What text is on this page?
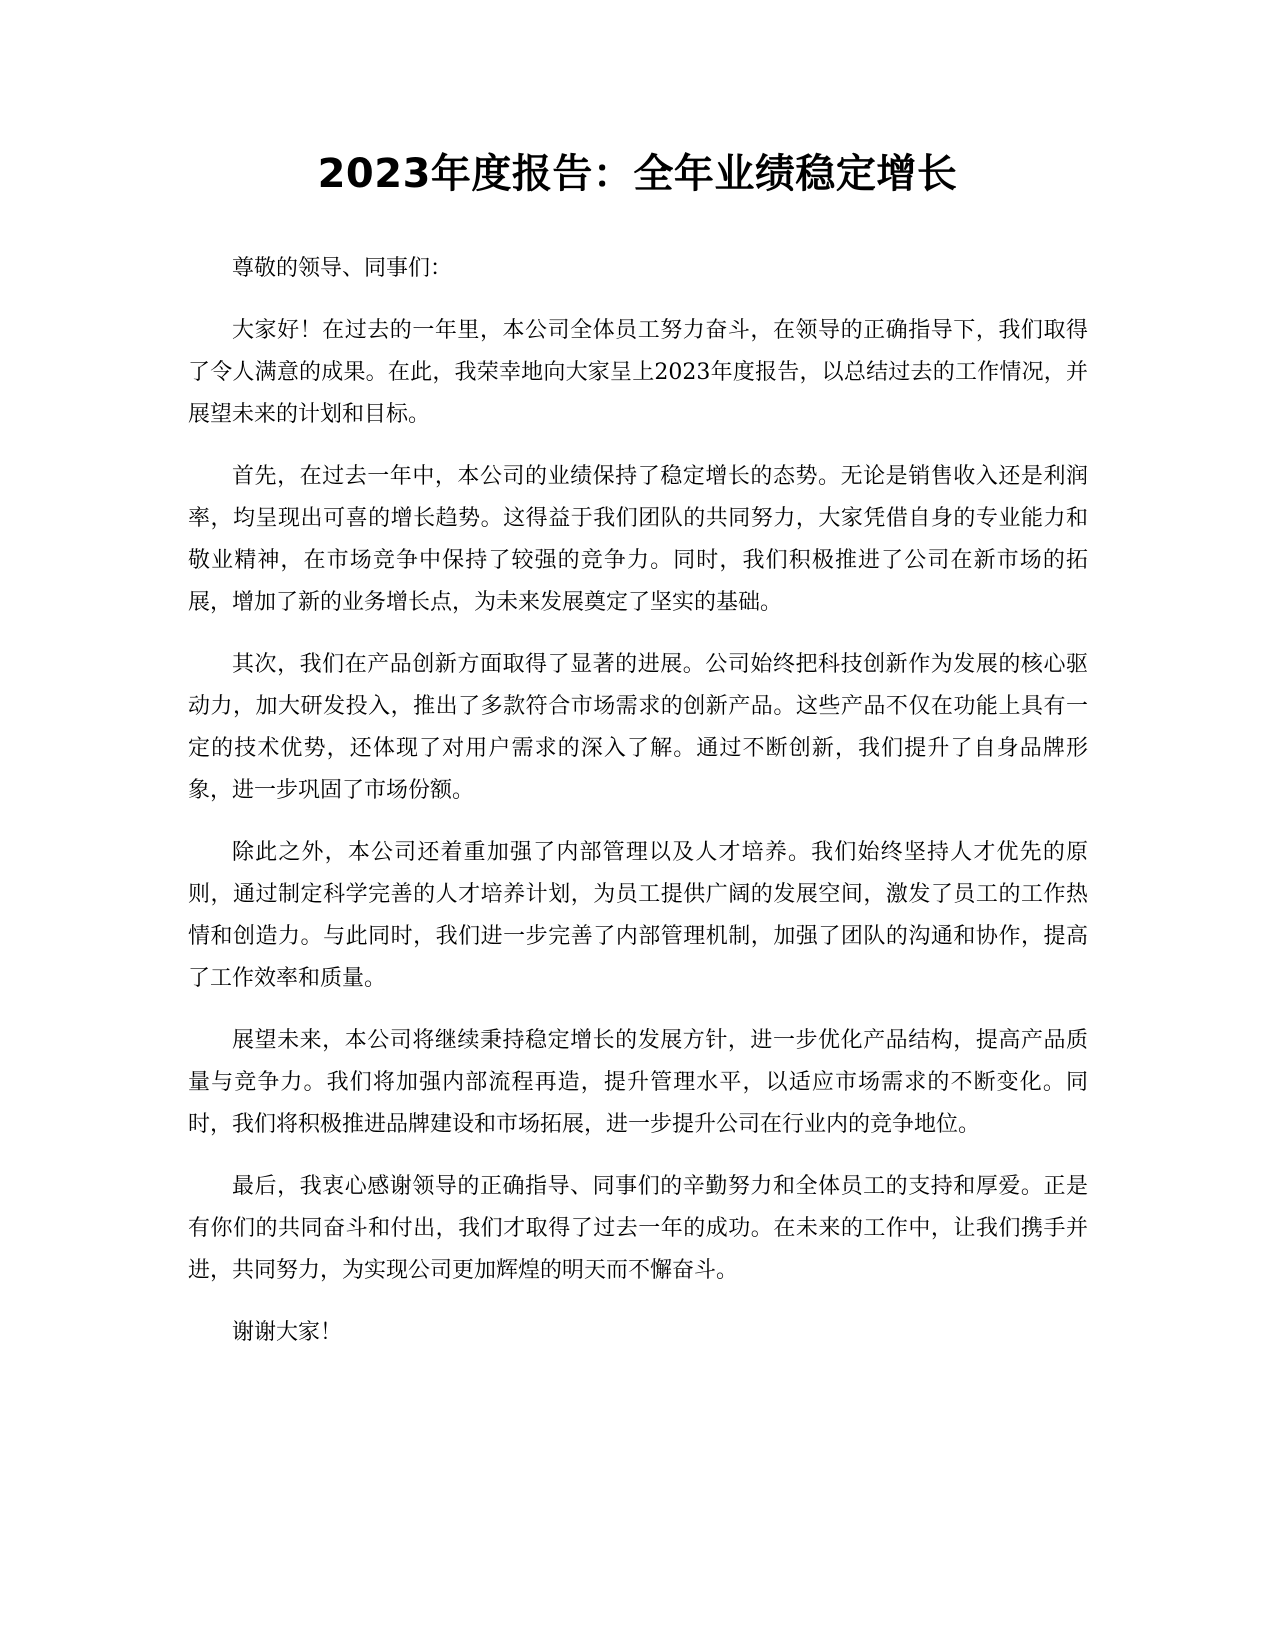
2023年度报告：全年业绩稳定增长

尊敬的领导、同事们：

大家好！在过去的一年里，本公司全体员工努力奋斗，在领导的正确指导下，我们取得了令人满意的成果。在此，我荣幸地向大家呈上2023年度报告，以总结过去的工作情况，并展望未来的计划和目标。

首先，在过去一年中，本公司的业绩保持了稳定增长的态势。无论是销售收入还是利润率，均呈现出可喜的增长趋势。这得益于我们团队的共同努力，大家凭借自身的专业能力和敬业精神，在市场竞争中保持了较强的竞争力。同时，我们积极推进了公司在新市场的拓展，增加了新的业务增长点，为未来发展奠定了坚实的基础。

其次，我们在产品创新方面取得了显著的进展。公司始终把科技创新作为发展的核心驱动力，加大研发投入，推出了多款符合市场需求的创新产品。这些产品不仅在功能上具有一定的技术优势，还体现了对用户需求的深入了解。通过不断创新，我们提升了自身品牌形象，进一步巩固了市场份额。

除此之外，本公司还着重加强了内部管理以及人才培养。我们始终坚持人才优先的原则，通过制定科学完善的人才培养计划，为员工提供广阔的发展空间，激发了员工的工作热情和创造力。与此同时，我们进一步完善了内部管理机制，加强了团队的沟通和协作，提高了工作效率和质量。

展望未来，本公司将继续秉持稳定增长的发展方针，进一步优化产品结构，提高产品质量与竞争力。我们将加强内部流程再造，提升管理水平，以适应市场需求的不断变化。同时，我们将积极推进品牌建设和市场拓展，进一步提升公司在行业内的竞争地位。

最后，我衷心感谢领导的正确指导、同事们的辛勤努力和全体员工的支持和厚爱。正是有你们的共同奋斗和付出，我们才取得了过去一年的成功。在未来的工作中，让我们携手并进，共同努力，为实现公司更加辉煌的明天而不懈奋斗。

谢谢大家！
